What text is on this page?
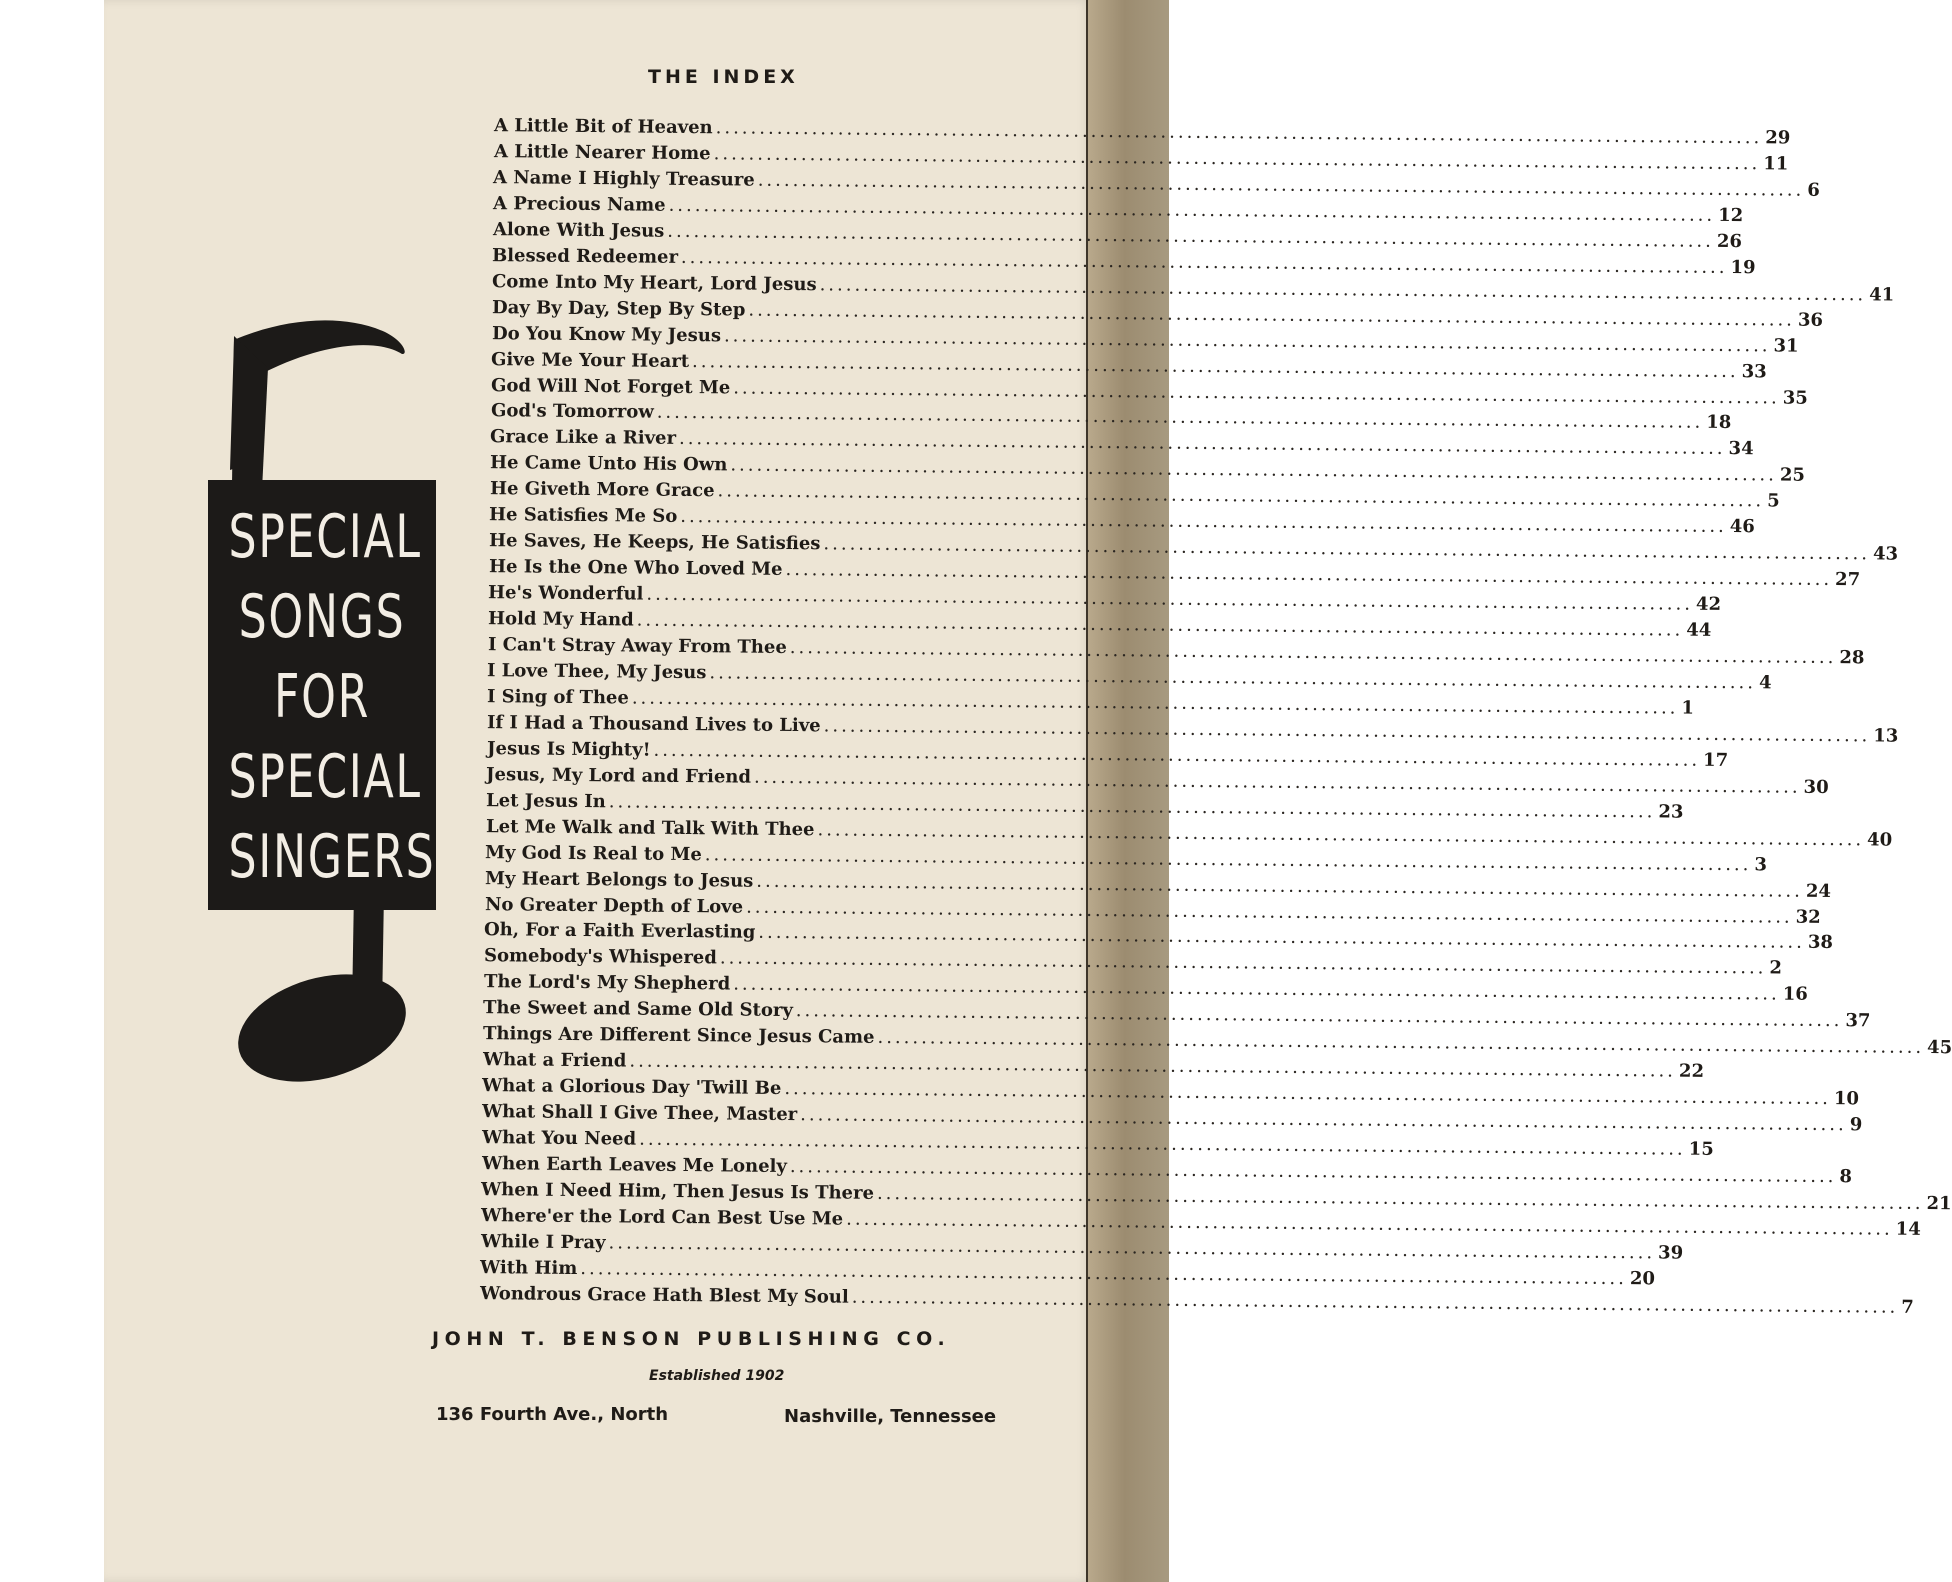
THE INDEX
SPECIAL
SONGS
FOR
SPECIAL
SINGERS
A Little Bit of Heaven ........................................................................................................................ 29
A Little Nearer Home ........................................................................................................................ 11
A Name I Highly Treasure ........................................................................................................................ 6
A Precious Name ........................................................................................................................ 12
Alone With Jesus ........................................................................................................................ 26
Blessed Redeemer ........................................................................................................................ 19
Come Into My Heart, Lord Jesus ........................................................................................................................ 41
Day By Day, Step By Step ........................................................................................................................ 36
Do You Know My Jesus ........................................................................................................................ 31
Give Me Your Heart ........................................................................................................................ 33
God Will Not Forget Me ........................................................................................................................ 35
God's Tomorrow ........................................................................................................................ 18
Grace Like a River ........................................................................................................................ 34
He Came Unto His Own ........................................................................................................................ 25
He Giveth More Grace ........................................................................................................................ 5
He Satisfies Me So ........................................................................................................................ 46
He Saves, He Keeps, He Satisfies ........................................................................................................................ 43
He Is the One Who Loved Me ........................................................................................................................ 27
He's Wonderful ........................................................................................................................ 42
Hold My Hand ........................................................................................................................ 44
I Can't Stray Away From Thee ........................................................................................................................ 28
I Love Thee, My Jesus ........................................................................................................................ 4
I Sing of Thee ........................................................................................................................ 1
If I Had a Thousand Lives to Live ........................................................................................................................ 13
Jesus Is Mighty! ........................................................................................................................ 17
Jesus, My Lord and Friend ........................................................................................................................ 30
Let Jesus In ........................................................................................................................ 23
Let Me Walk and Talk With Thee ........................................................................................................................ 40
My God Is Real to Me ........................................................................................................................ 3
My Heart Belongs to Jesus ........................................................................................................................ 24
No Greater Depth of Love ........................................................................................................................ 32
Oh, For a Faith Everlasting ........................................................................................................................ 38
Somebody's Whispered ........................................................................................................................ 2
The Lord's My Shepherd ........................................................................................................................ 16
The Sweet and Same Old Story ........................................................................................................................ 37
Things Are Different Since Jesus Came ........................................................................................................................ 45
What a Friend ........................................................................................................................ 22
What a Glorious Day 'Twill Be ........................................................................................................................ 10
What Shall I Give Thee, Master ........................................................................................................................ 9
What You Need ........................................................................................................................ 15
When Earth Leaves Me Lonely ........................................................................................................................ 8
When I Need Him, Then Jesus Is There ........................................................................................................................ 21
Where'er the Lord Can Best Use Me ........................................................................................................................ 14
While I Pray ........................................................................................................................ 39
With Him ........................................................................................................................ 20
Wondrous Grace Hath Blest My Soul ........................................................................................................................ 7
JOHN T. BENSON PUBLISHING CO.
Established 1902
136 Fourth Ave., North	Nashville, Tennessee
